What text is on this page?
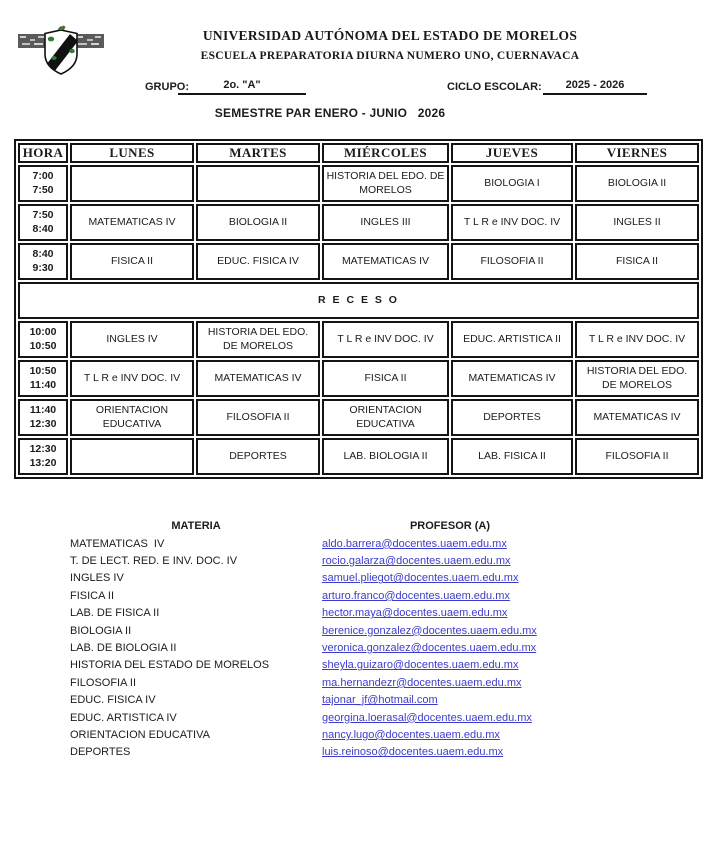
UNIVERSIDAD AUTÓNOMA DEL ESTADO DE MORELOS
ESCUELA PREPARATORIA DIURNA NUMERO UNO, CUERNAVACA
GRUPO:	2o. "A"	CICLO ESCOLAR:	2025 - 2026
SEMESTRE PAR ENERO - JUNIO   2026
HORA	LUNES	MARTES	MIÉRCOLES	JUEVES	VIERNES

7:00
7:50			HISTORIA DEL EDO. DE MORELOS	BIOLOGIA I	BIOLOGIA II

7:50
8:40	MATEMATICAS IV	BIOLOGIA II	INGLES III	T L R e INV DOC. IV	INGLES II

8:40
9:30	FISICA II	EDUC. FISICA IV	MATEMATICAS IV	FILOSOFIA II	FISICA II
R E C E S O					

10:00
10:50	INGLES IV	HISTORIA DEL EDO. DE MORELOS	T L R e INV DOC. IV	EDUC. ARTISTICA II	T L R e INV DOC. IV

10:50
11:40	T L R e INV DOC. IV	MATEMATICAS IV	FISICA II	MATEMATICAS IV	HISTORIA DEL EDO. DE MORELOS

11:40
12:30	ORIENTACION EDUCATIVA	FILOSOFIA II	ORIENTACION EDUCATIVA	DEPORTES	MATEMATICAS IV

12:30
13:20		DEPORTES	LAB. BIOLOGIA II	LAB. FISICA II	FILOSOFIA II
MATERIA	PROFESOR (A)
MATEMATICAS  IV	aldo.barrera@docentes.uaem.edu.mx
T. DE LECT. RED. E INV. DOC. IV	rocio.galarza@docentes.uaem.edu.mx
INGLES IV	samuel.pliegot@docentes.uaem.edu.mx
FISICA II	arturo.franco@docentes.uaem.edu.mx
LAB. DE FISICA II	hector.maya@docentes.uaem.edu.mx
BIOLOGIA II	berenice.gonzalez@docentes.uaem.edu.mx
LAB. DE BIOLOGIA II	veronica.gonzalez@docentes.uaem.edu.mx
HISTORIA DEL ESTADO DE MORELOS	sheyla.guizaro@docentes.uaem.edu.mx
FILOSOFIA II	ma.hernandezr@docentes.uaem.edu.mx
EDUC. FISICA IV	tajonar_jf@hotmail.com
EDUC. ARTISTICA IV	georgina.loerasal@docentes.uaem.edu.mx
ORIENTACION EDUCATIVA	nancy.lugo@docentes.uaem.edu.mx
DEPORTES	luis.reinoso@docentes.uaem.edu.mx
